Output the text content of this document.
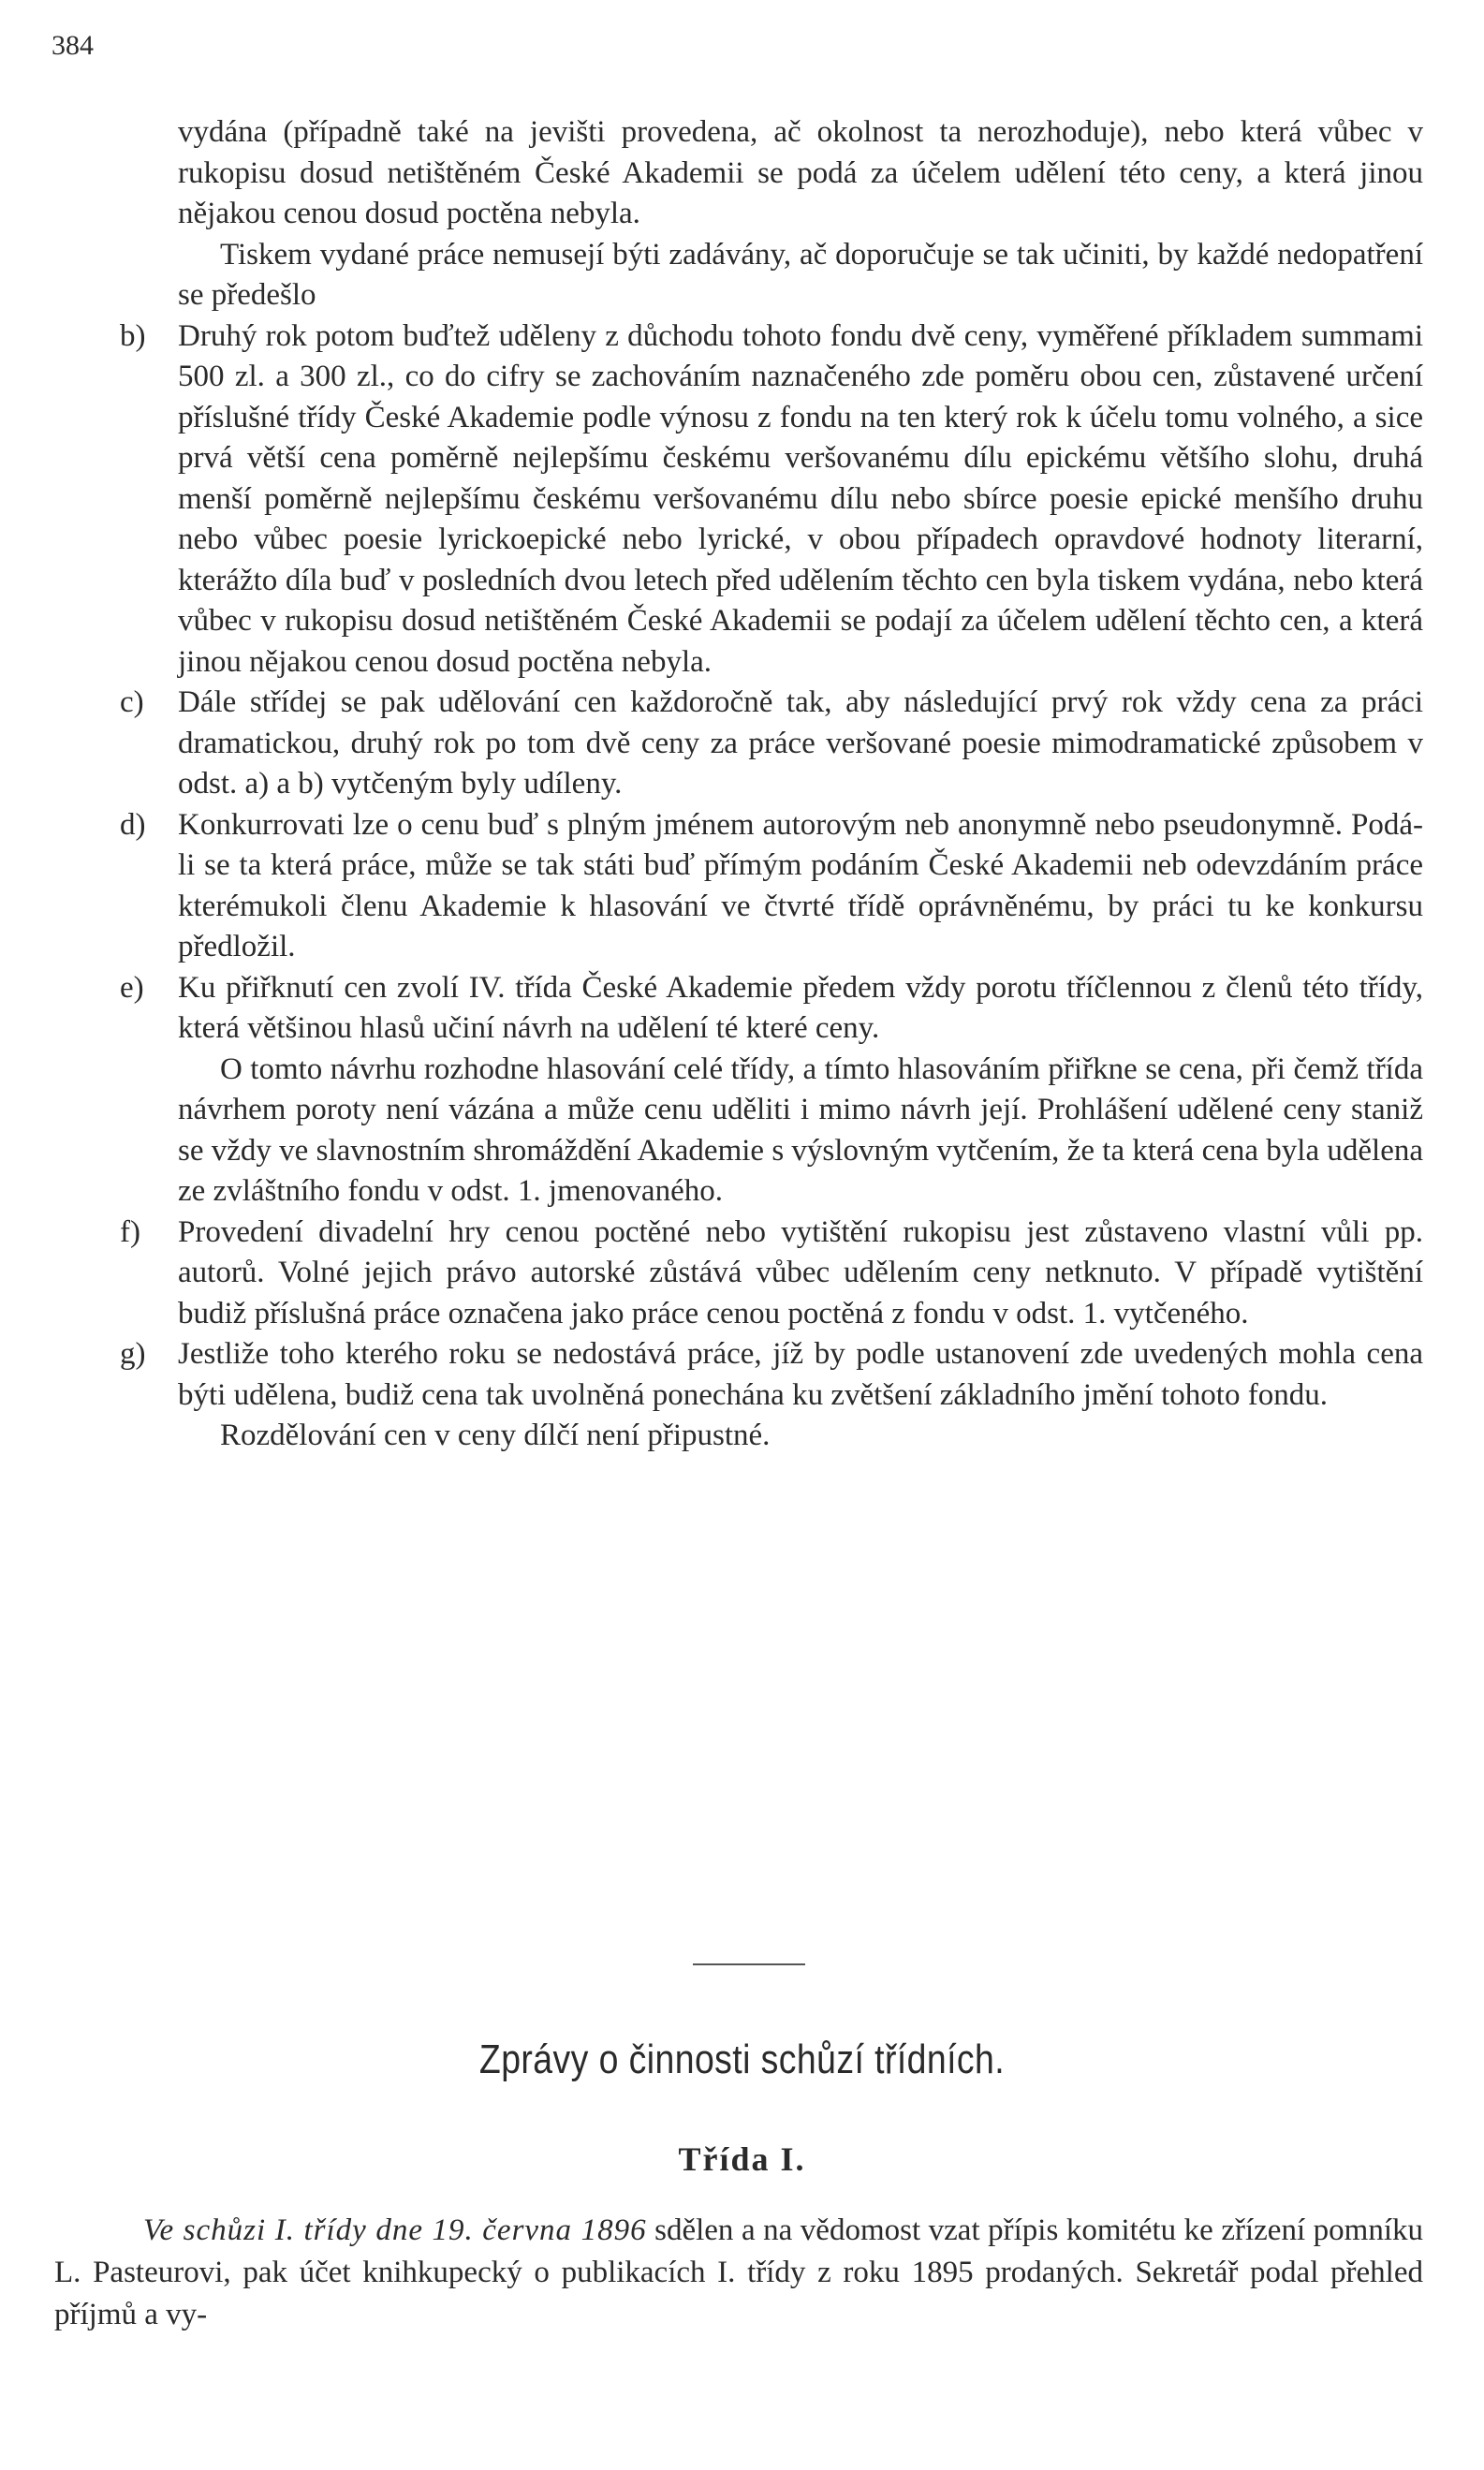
384

vydána (případně také na jevišti provedena, ač okolnost ta nerozhoduje), nebo která vůbec v rukopisu dosud netištěném České Akademii se podá za účelem udělení této ceny, a která jinou nějakou cenou dosud poctěna nebyla.

Tiskem vydané práce nemusejí býti zadávány, ač doporučuje se tak učiniti, by každé nedopatření se předešlo

b) Druhý rok potom buďtež uděleny z důchodu tohoto fondu dvě ceny, vyměřené příkladem summami 500 zl. a 300 zl., co do cifry se zachováním naznačeného zde poměru obou cen, zůstavené určení příslušné třídy České Akademie podle výnosu z fondu na ten který rok k účelu tomu volného, a sice prvá větší cena poměrně nejlepšímu českému veršovanému dílu epickému většího slohu, druhá menší poměrně nejlepšímu českému veršovanému dílu nebo sbírce poesie epické menšího druhu nebo vůbec poesie lyrickoepické nebo lyrické, v obou případech opravdové hodnoty literarní, kterážto díla buď v posledních dvou letech před udělením těchto cen byla tiskem vydána, nebo která vůbec v rukopisu dosud netištěném České Akademii se podají za účelem udělení těchto cen, a která jinou nějakou cenou dosud poctěna nebyla.

c) Dále střídej se pak udělování cen každoročně tak, aby následující prvý rok vždy cena za práci dramatickou, druhý rok po tom dvě ceny za práce veršované poesie mimodramatické způsobem v odst. a) a b) vytčeným byly udíleny.

d) Konkurrovati lze o cenu buď s plným jménem autorovým neb anonymně nebo pseudonymně. Podá-li se ta která práce, může se tak státi buď přímým podáním České Akademii neb odevzdáním práce kterémukoli členu Akademie k hlasování ve čtvrté třídě oprávněnému, by práci tu ke konkursu předložil.

e) Ku přiřknutí cen zvolí IV. třída České Akademie předem vždy porotu tříčlennou z členů této třídy, která většinou hlasů učiní návrh na udělení té které ceny.

O tomto návrhu rozhodne hlasování celé třídy, a tímto hlasováním přiřkne se cena, při čemž třída návrhem poroty není vázána a může cenu uděliti i mimo návrh její. Prohlášení udělené ceny staniž se vždy ve slavnostním shromáždění Akademie s výslovným vytčením, že ta která cena byla udělena ze zvláštního fondu v odst. 1. jmenovaného.

f) Provedení divadelní hry cenou poctěné nebo vytištění rukopisu jest zůstaveno vlastní vůli pp. autorů. Volné jejich právo autorské zůstává vůbec udělením ceny netknuto. V případě vytištění budiž příslušná práce označena jako práce cenou poctěná z fondu v odst. 1. vytčeného.

g) Jestliže toho kterého roku se nedostává práce, jíž by podle ustanovení zde uvedených mohla cena býti udělena, budiž cena tak uvolněná ponechána ku zvětšení základního jmění tohoto fondu.

Rozdělování cen v ceny dílčí není připustné.

Zprávy o činnosti schůzí třídních.
Třída I.

Ve schůzi I. třídy dne 19. června 1896 sdělen a na vědomost vzat přípis komitétu ke zřízení pomníku L. Pasteurovi, pak účet knihkupecký o publikacích I. třídy z roku 1895 prodaných. Sekretář podal přehled příjmů a vy-
